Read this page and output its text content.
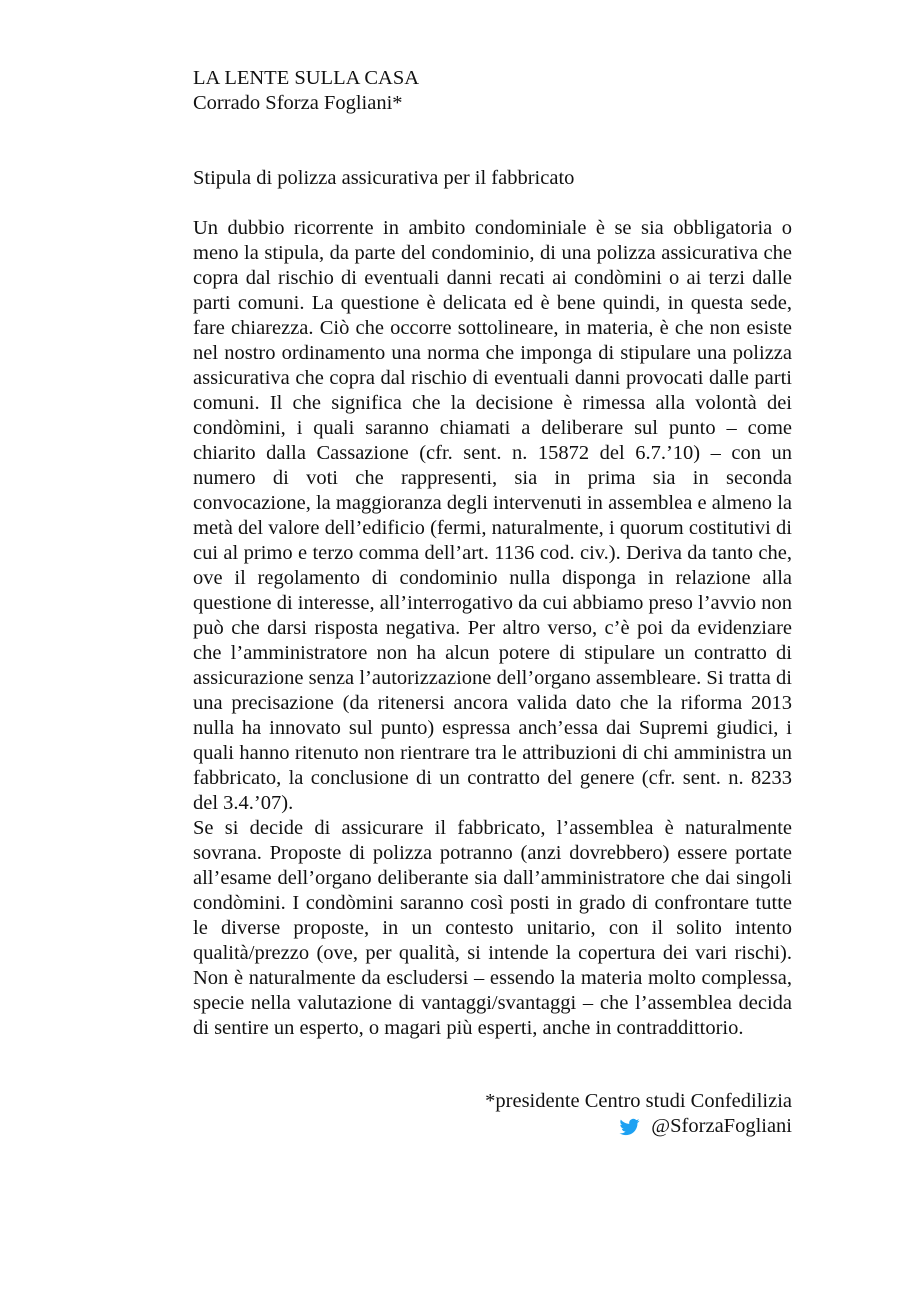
LA LENTE SULLA CASA
Corrado Sforza Fogliani*
Stipula di polizza assicurativa per il fabbricato

Un dubbio ricorrente in ambito condominiale è se sia obbligatoria o meno la stipula, da parte del condominio, di una polizza assicurativa che copra dal rischio di eventuali danni recati ai condòmini o ai terzi dalle parti comuni. La questione è delicata ed è bene quindi, in questa sede, fare chiarezza. Ciò che occorre sottolineare, in materia, è che non esiste nel nostro ordinamento una norma che imponga di stipulare una polizza assicurativa che copra dal rischio di eventuali danni provocati dalle parti comuni. Il che significa che la decisione è rimessa alla volontà dei condòmini, i quali saranno chiamati a deliberare sul punto – come chiarito dalla Cassazione (cfr. sent. n. 15872 del 6.7.’10) – con un numero di voti che rappresenti, sia in prima sia in seconda convocazione, la maggioranza degli intervenuti in assemblea e almeno la metà del valore dell’edificio (fermi, naturalmente, i quorum costitutivi di cui al primo e terzo comma dell’art. 1136 cod. civ.). Deriva da tanto che, ove il regolamento di condominio nulla disponga in relazione alla questione di interesse, all’interrogativo da cui abbiamo preso l’avvio non può che darsi risposta negativa. Per altro verso, c’è poi da evidenziare che l’amministratore non ha alcun potere di stipulare un contratto di assicurazione senza l’autorizzazione dell’organo assembleare. Si tratta di una precisazione (da ritenersi ancora valida dato che la riforma 2013 nulla ha innovato sul punto) espressa anch’essa dai Supremi giudici, i quali hanno ritenuto non rientrare tra le attribuzioni di chi amministra un fabbricato, la conclusione di un contratto del genere (cfr. sent. n. 8233 del 3.4.’07).

Se si decide di assicurare il fabbricato, l’assemblea è naturalmente sovrana. Proposte di polizza potranno (anzi dovrebbero) essere portate all’esame dell’organo deliberante sia dall’amministratore che dai singoli condòmini. I condòmini saranno così posti in grado di confrontare tutte le diverse proposte, in un contesto unitario, con il solito intento qualità/prezzo (ove, per qualità, si intende la copertura dei vari rischi). Non è naturalmente da escludersi – essendo la materia molto complessa, specie nella valutazione di vantaggi/svantaggi – che l’assemblea decida di sentire un esperto, o magari più esperti, anche in contraddittorio.

*presidente Centro studi Confedilizia
@SforzaFogliani
